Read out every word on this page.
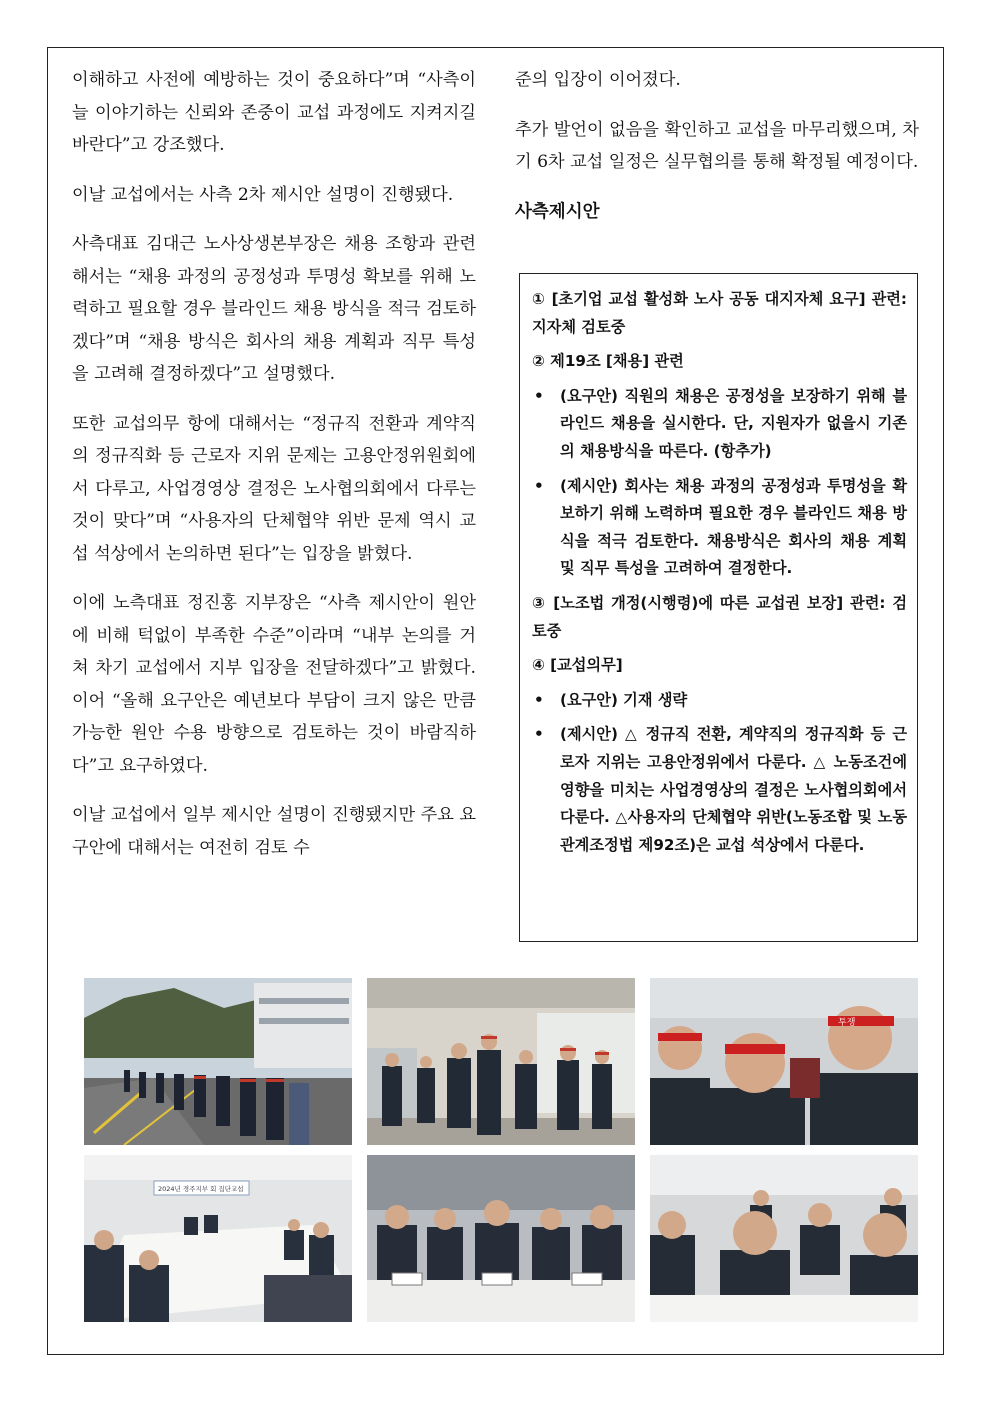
이해하고 사전에 예방하는 것이 중요하다”며 “사측이 늘 이야기하는 신뢰와 존중이 교섭 과정에도 지켜지길 바란다”고 강조했다.

이날 교섭에서는 사측 2차 제시안 설명이 진행됐다.

사측대표 김대근 노사상생본부장은 채용 조항과 관련해서는 “채용 과정의 공정성과 투명성 확보를 위해 노력하고 필요할 경우 블라인드 채용 방식을 적극 검토하겠다”며 “채용 방식은 회사의 채용 계획과 직무 특성을 고려해 결정하겠다”고 설명했다.

또한 교섭의무 항에 대해서는 “정규직 전환과 계약직의 정규직화 등 근로자 지위 문제는 고용안정위원회에서 다루고, 사업경영상 결정은 노사협의회에서 다루는 것이 맞다”며 “사용자의 단체협약 위반 문제 역시 교섭 석상에서 논의하면 된다”는 입장을 밝혔다.

이에 노측대표 정진홍 지부장은 “사측 제시안이 원안에 비해 턱없이 부족한 수준”이라며 “내부 논의를 거쳐 차기 교섭에서 지부 입장을 전달하겠다”고 밝혔다. 이어 “올해 요구안은 예년보다 부담이 크지 않은 만큼 가능한 원안 수용 방향으로 검토하는 것이 바람직하다”고 요구하였다.

이날 교섭에서 일부 제시안 설명이 진행됐지만 주요 요구안에 대해서는 여전히 검토 수

준의 입장이 이어졌다.

추가 발언이 없음을 확인하고 교섭을 마무리했으며, 차기 6차 교섭 일정은 실무협의를 통해 확정될 예정이다.

사측제시안
① [초기업 교섭 활성화 노사 공동 대지자체 요구] 관련: 지자체 검토중
② 제19조 [채용] 관련
• (요구안) 직원의 채용은 공정성을 보장하기 위해 블라인드 채용을 실시한다. 단, 지원자가 없을시 기존의 채용방식을 따른다. (항추가)
• (제시안) 회사는 채용 과정의 공정성과 투명성을 확보하기 위해 노력하며 필요한 경우 블라인드 채용 방식을 적극 검토한다. 채용방식은 회사의 채용 계획 및 직무 특성을 고려하여 결정한다.
③ [노조법 개정(시행령)에 따른 교섭권 보장] 관련: 검토중
④ [교섭의무]
• (요구안) 기재 생략
• (제시안) △ 정규직 전환, 계약직의 정규직화 등 근로자 지위는 고용안정위에서 다룬다. △ 노동조건에 영향을 미치는 사업경영상의 결정은 노사협의회에서 다룬다. △사용자의 단체협약 위반(노동조합 및 노동관계조정법 제92조)은 교섭 석상에서 다룬다.
투쟁
2024년 경주지부 회 집단교섭
